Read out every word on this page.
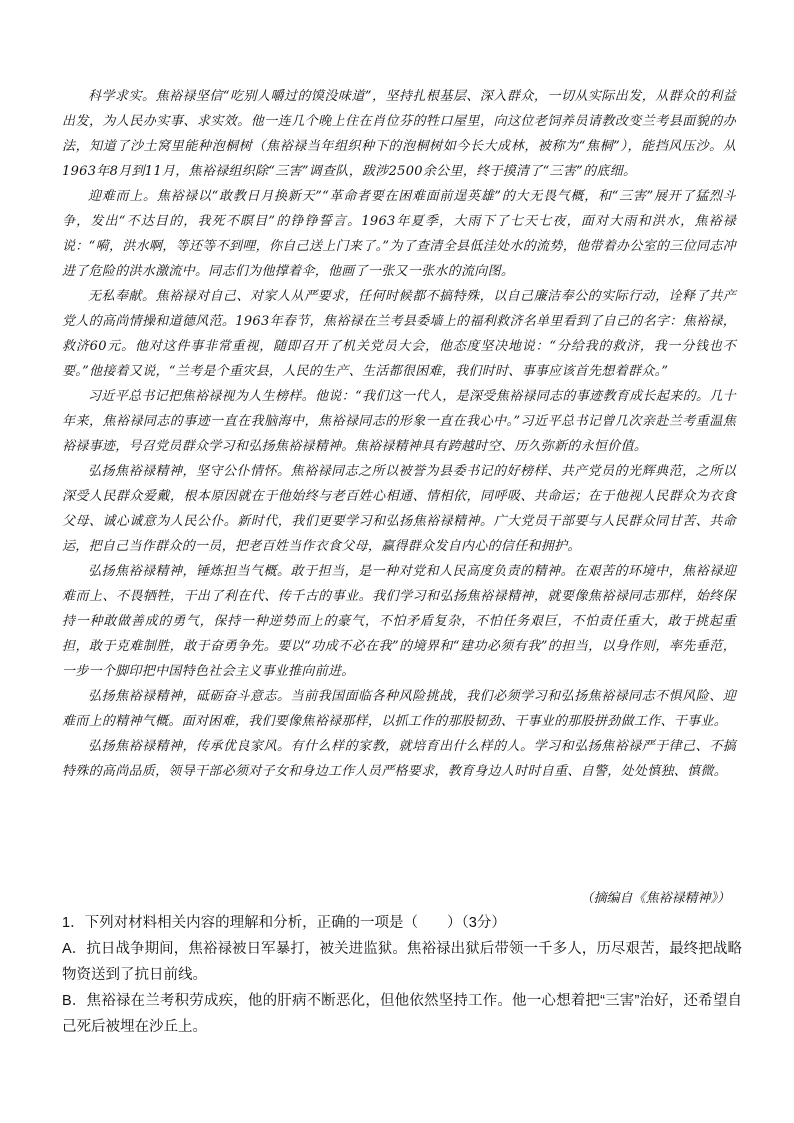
科学求实。焦裕禄坚信“吃别人嚼过的馍没味道”，坚持扎根基层、深入群众，一切从实际出发，从群众的利益出发，为人民办实事、求实效。他一连几个晚上住在肖位芬的牲口屋里，向这位老饲养员请教改变兰考县面貌的办法，知道了沙土窝里能种泡桐树（焦裕禄当年组织种下的泡桐树如今长大成林，被称为“焦桐”），能挡风压沙。从1963年8月到11月，焦裕禄组织除“三害”调查队，跋涉2500余公里，终于摸清了“三害”的底细。

迎难而上。焦裕禄以“敢教日月换新天”“革命者要在困难面前逞英雄”的大无畏气概，和“三害”展开了猛烈斗争，发出“不达目的，我死不瞑目”的铮铮誓言。1963年夏季，大雨下了七天七夜，面对大雨和洪水，焦裕禄说：“嗬，洪水啊，等还等不到哩，你自己送上门来了。”为了查清全县低洼处水的流势，他带着办公室的三位同志冲进了危险的洪水激流中。同志们为他撑着伞，他画了一张又一张水的流向图。

无私奉献。焦裕禄对自己、对家人从严要求，任何时候都不搞特殊，以自己廉洁奉公的实际行动，诠释了共产党人的高尚情操和道德风范。1963年春节，焦裕禄在兰考县委墙上的福利救济名单里看到了自己的名字：焦裕禄，救济60元。他对这件事非常重视，随即召开了机关党员大会，他态度坚决地说：“分给我的救济，我一分钱也不要。”他接着又说，“兰考是个重灾县，人民的生产、生活都很困难，我们时时、事事应该首先想着群众。”

习近平总书记把焦裕禄视为人生榜样。他说：“我们这一代人，是深受焦裕禄同志的事迹教育成长起来的。几十年来，焦裕禄同志的事迹一直在我脑海中，焦裕禄同志的形象一直在我心中。”习近平总书记曾几次亲赴兰考重温焦裕禄事迹，号召党员群众学习和弘扬焦裕禄精神。焦裕禄精神具有跨越时空、历久弥新的永恒价值。

弘扬焦裕禄精神，坚守公仆情怀。焦裕禄同志之所以被誉为县委书记的好榜样、共产党员的光辉典范，之所以深受人民群众爱戴，根本原因就在于他始终与老百姓心相通、情相依，同呼吸、共命运；在于他视人民群众为衣食父母、诚心诚意为人民公仆。新时代，我们更要学习和弘扬焦裕禄精神。广大党员干部要与人民群众同甘苦、共命运，把自己当作群众的一员，把老百姓当作衣食父母，赢得群众发自内心的信任和拥护。

弘扬焦裕禄精神，锤炼担当气概。敢于担当，是一种对党和人民高度负责的精神。在艰苦的环境中，焦裕禄迎难而上、不畏牺牲，干出了利在代、传千古的事业。我们学习和弘扬焦裕禄精神，就要像焦裕禄同志那样，始终保持一种敢做善成的勇气，保持一种逆势而上的豪气，不怕矛盾复杂，不怕任务艰巨，不怕责任重大，敢于挑起重担，敢于克难制胜，敢于奋勇争先。要以“功成不必在我”的境界和“建功必须有我”的担当，以身作则，率先垂范，一步一个脚印把中国特色社会主义事业推向前进。

弘扬焦裕禄精神，砥砺奋斗意志。当前我国面临各种风险挑战，我们必须学习和弘扬焦裕禄同志不惧风险、迎难而上的精神气概。面对困难，我们要像焦裕禄那样，以抓工作的那股韧劲、干事业的那股拼劲做工作、干事业。

弘扬焦裕禄精神，传承优良家风。有什么样的家教，就培育出什么样的人。学习和弘扬焦裕禄严于律己、不搞特殊的高尚品质，领导干部必须对子女和身边工作人员严格要求，教育身边人时时自重、自警，处处慎独、慎微。

（摘编自《焦裕禄精神》）

1．下列对材料相关内容的理解和分析，正确的一项是（　　）（3分）

A．抗日战争期间，焦裕禄被日军暴打，被关进监狱。焦裕禄出狱后带领一千多人，历尽艰苦，最终把战略物资送到了抗日前线。

B．焦裕禄在兰考积劳成疾，他的肝病不断恶化，但他依然坚持工作。他一心想着把“三害”治好，还希望自己死后被埋在沙丘上。
